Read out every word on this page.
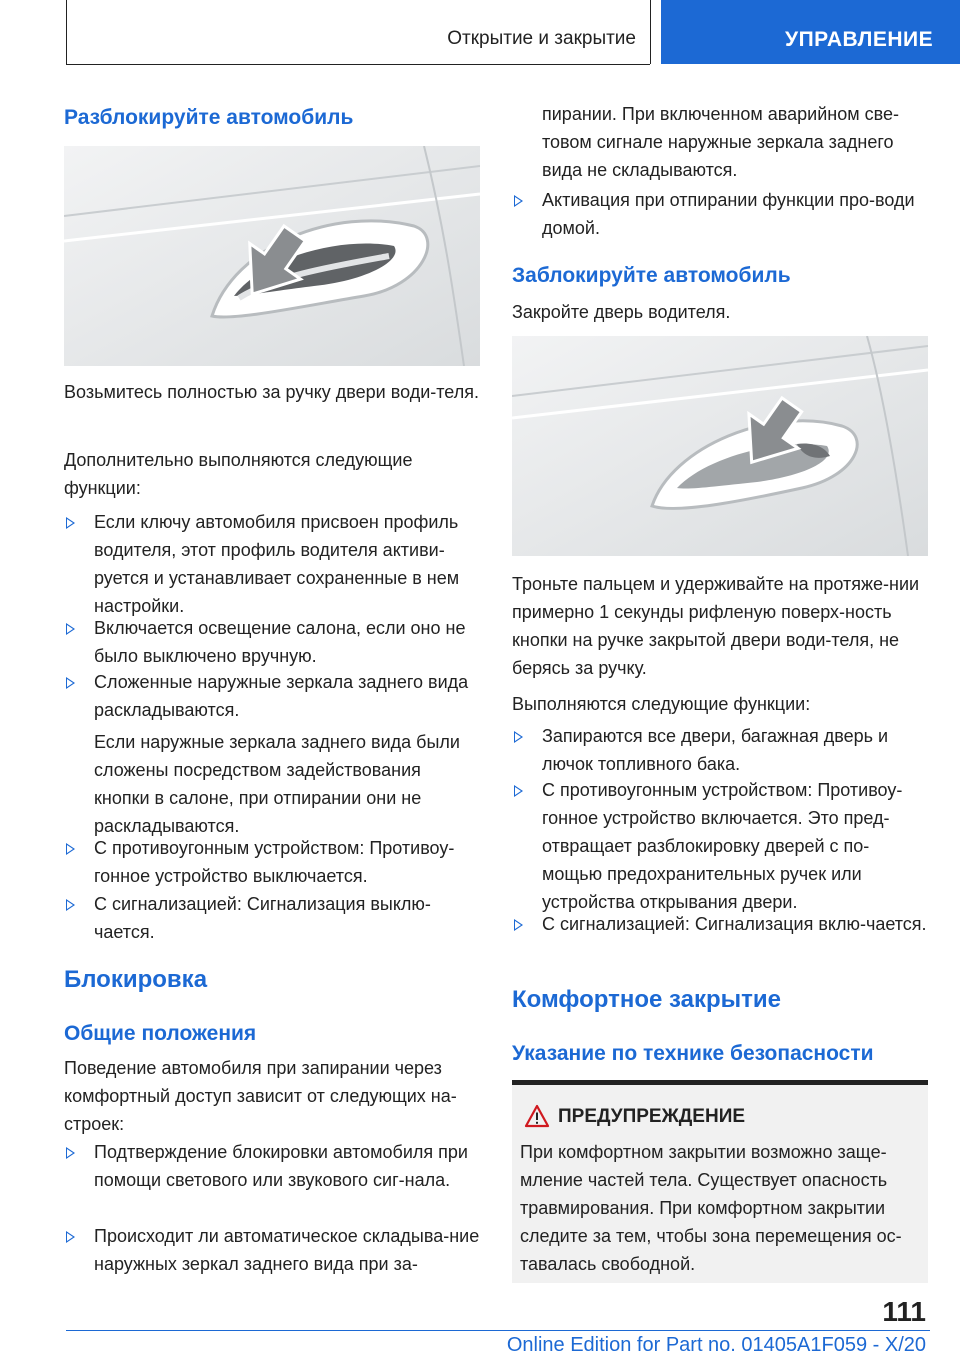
Открытие и закрытие	УПРАВЛЕНИЕ
Разблокируйте автомобиль
Возьмитесь полностью за ручку двери води-теля.
Дополнительно выполняются следующие функции:
Если ключу автомобиля присвоен профиль водителя, этот профиль водителя активи-руется и устанавливает сохраненные в нем настройки.
Включается освещение салона, если оно не было выключено вручную.
Сложенные наружные зеркала заднего вида раскладываются.
Если наружные зеркала заднего вида были сложены посредством задействования кнопки в салоне, при отпирании они не раскладываются.
С противоугонным устройством: Противоу-гонное устройство выключается.
С сигнализацией: Сигнализация выклю-чается.
Блокировка
Общие положения
Поведение автомобиля при запирании через комфортный доступ зависит от следующих на-строек:
Подтверждение блокировки автомобиля при помощи светового или звукового сиг-нала.
Происходит ли автоматическое складыва-ние наружных зеркал заднего вида при за-
пирании. При включенном аварийном све-товом сигнале наружные зеркала заднего вида не складываются.
Активация при отпирании функции про-води домой.
Заблокируйте автомобиль
Закройте дверь водителя.
Троньте пальцем и удерживайте на протяже-нии примерно 1 секунды рифленую поверх-ность кнопки на ручке закрытой двери води-теля, не берясь за ручку.
Выполняются следующие функции:
Запираются все двери, багажная дверь и лючок топливного бака.
С противоугонным устройством: Противоу-гонное устройство включается. Это пред-отвращает разблокировку дверей с по-мощью предохранительных ручек или устройства открывания двери.
С сигнализацией: Сигнализация вклю-чается.
Комфортное закрытие
Указание по технике безопасности
ПРЕДУПРЕЖДЕНИЕ
При комфортном закрытии возможно защe-мление частей тела. Существует опасность травмирования. При комфортном закрытии следите за тем, чтобы зона перемещения ос-тавалась свободной.
111
Online Edition for Part no. 01405A1F059 - X/20
